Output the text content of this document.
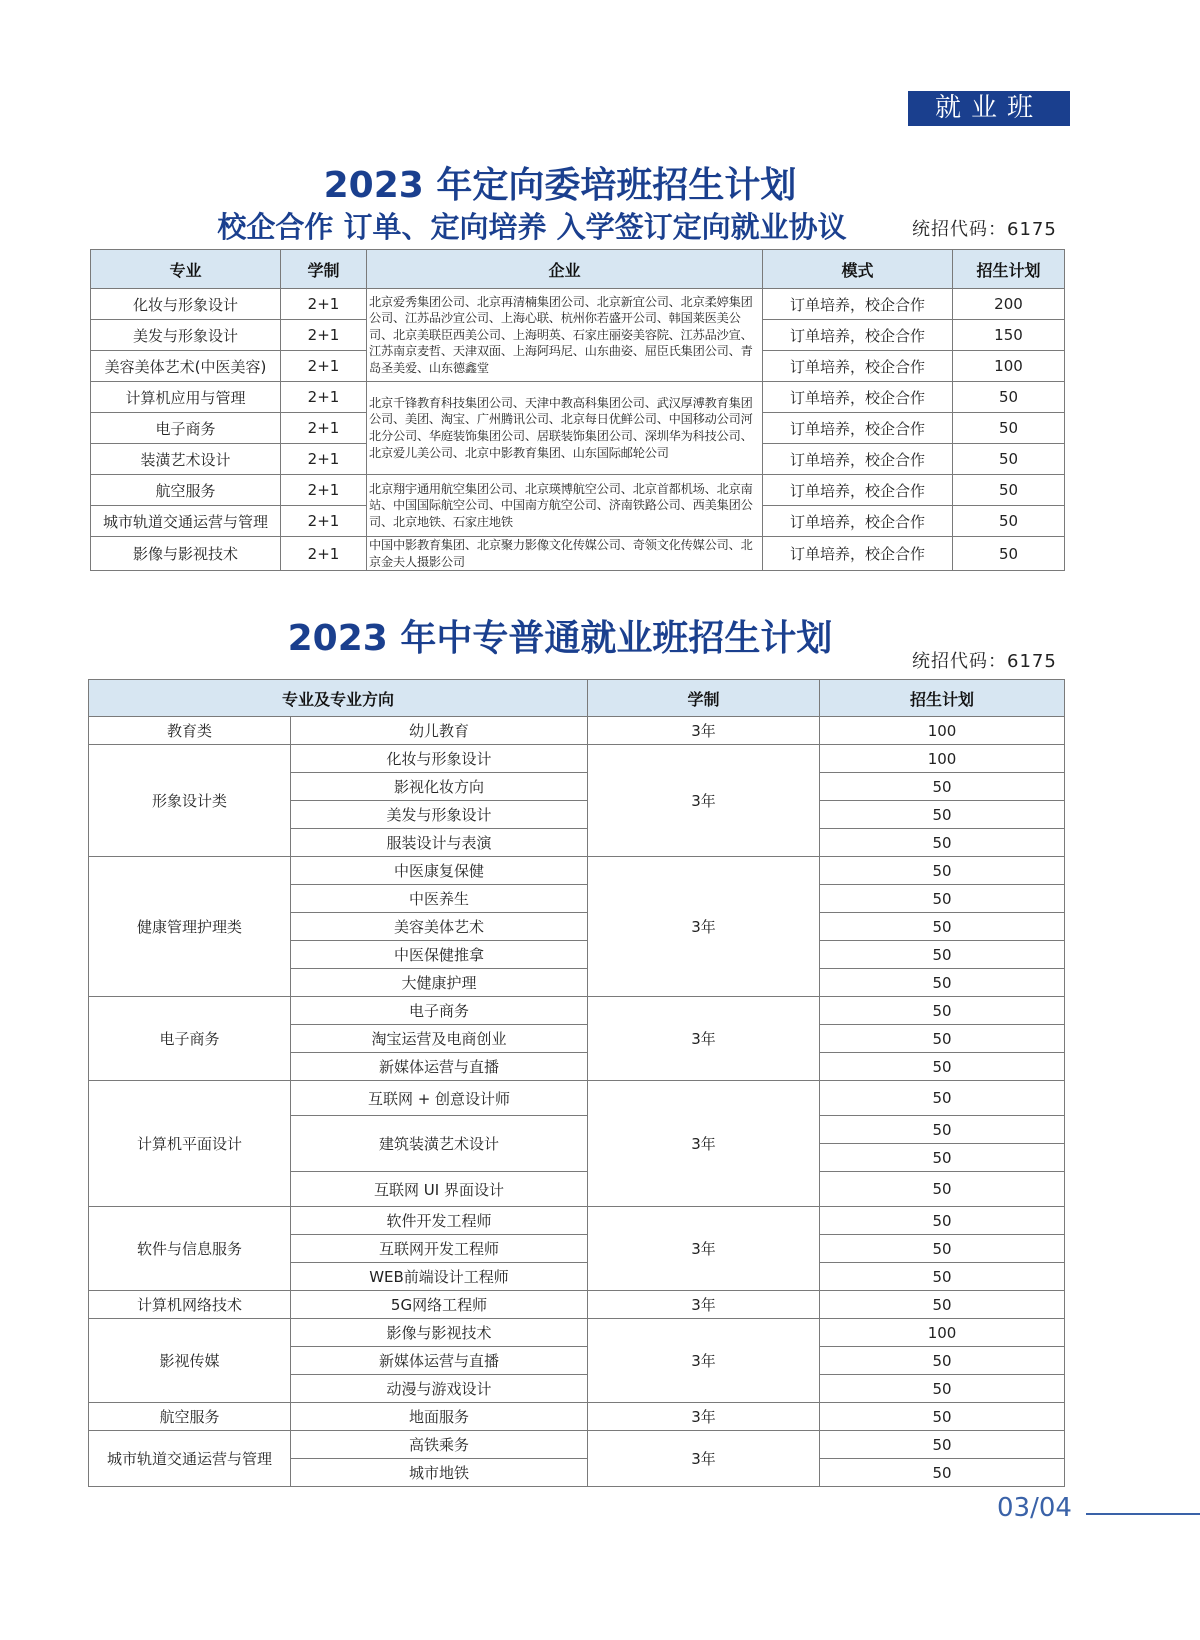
就业班
2023 年定向委培班招生计划
校企合作 订单、定向培养 入学签订定向就业协议	统招代码：6175
专业	学制	企业	模式	招生计划
化妆与形象设计	2+1	北京爱秀集团公司、北京再清楠集团公司、北京新宜公司、北京柔婷集团公司、江苏品沙宣公司、上海心联、杭州你若盛开公司、韩国莱医美公司、北京美联臣西美公司、上海明英、石家庄丽姿美容院、江苏品沙宣、江苏南京麦哲、天津双面、上海阿玛尼、山东曲姿、屈臣氏集团公司、青岛圣美爱、山东德鑫堂	订单培养，校企合作	200
美发与形象设计	2+1		订单培养，校企合作	150
美容美体艺术(中医美容)	2+1		订单培养，校企合作	100
计算机应用与管理	2+1	北京千锋教育科技集团公司、天津中教高科集团公司、武汉厚溥教育集团公司、美团、淘宝、广州腾讯公司、北京每日优鲜公司、中国移动公司河北分公司、华庭装饰集团公司、居联装饰集团公司、深圳华为科技公司、北京爱儿美公司、北京中影教育集团、山东国际邮轮公司	订单培养，校企合作	50
电子商务	2+1		订单培养，校企合作	50
装潢艺术设计	2+1		订单培养，校企合作	50
航空服务	2+1	北京翔宇通用航空集团公司、北京瑛博航空公司、北京首都机场、北京南站、中国国际航空公司、中国南方航空公司、济南铁路公司、西美集团公司、北京地铁、石家庄地铁	订单培养，校企合作	50
城市轨道交通运营与管理	2+1		订单培养，校企合作	50
影像与影视技术	2+1	中国中影教育集团、北京聚力影像文化传媒公司、奇领文化传媒公司、北京金夫人摄影公司	订单培养，校企合作	50
2023 年中专普通就业班招生计划
统招代码：6175
专业及专业方向		学制	招生计划
教育类	幼儿教育	3年	100
形象设计类	化妆与形象设计	3年	100
	影视化妆方向		50
	美发与形象设计		50
	服装设计与表演		50
健康管理护理类	中医康复保健	3年	50
	中医养生		50
	美容美体艺术		50
	中医保健推拿		50
	大健康护理		50
电子商务	电子商务	3年	50
	淘宝运营及电商创业		50
	新媒体运营与直播		50
计算机平面设计	互联网 + 创意设计师	3年	50
	建筑装潢艺术设计		50
			50
	互联网 UI 界面设计		50
软件与信息服务	软件开发工程师	3年	50
	互联网开发工程师		50
	WEB前端设计工程师		50
计算机网络技术	5G网络工程师	3年	50
影视传媒	影像与影视技术	3年	100
	新媒体运营与直播		50
	动漫与游戏设计		50
航空服务	地面服务	3年	50
城市轨道交通运营与管理	高铁乘务	3年	50
	城市地铁		50
03/04
